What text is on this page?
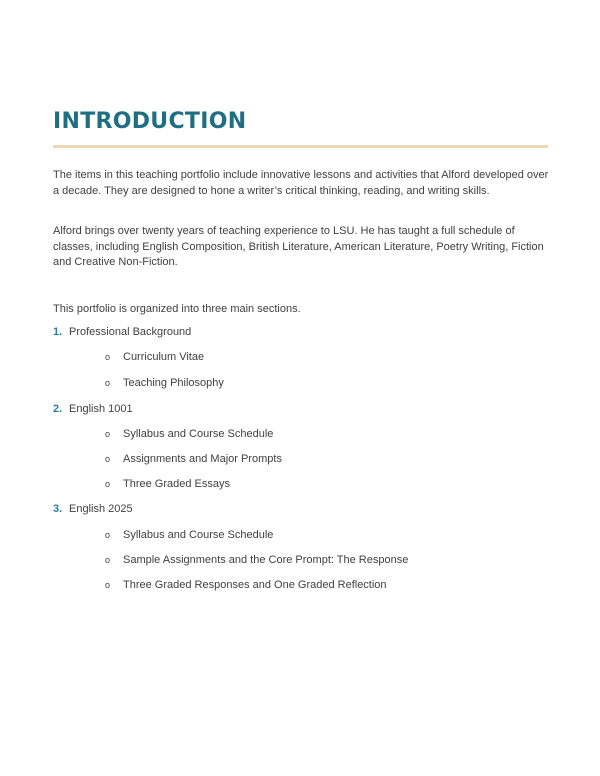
INTRODUCTION

The items in this teaching portfolio include innovative lessons and activities that Alford developed over a decade. They are designed to hone a writer’s critical thinking, reading, and writing skills.

Alford brings over twenty years of teaching experience to LSU. He has taught a full schedule of classes, including English Composition, British Literature, American Literature, Poetry Writing, Fiction and Creative Non-Fiction.

This portfolio is organized into three main sections.

1. Professional Background
o Curriculum Vitae
o Teaching Philosophy
2. English 1001
o Syllabus and Course Schedule
o Assignments and Major Prompts
o Three Graded Essays
3. English 2025
o Syllabus and Course Schedule
o Sample Assignments and the Core Prompt: The Response
o Three Graded Responses and One Graded Reflection
